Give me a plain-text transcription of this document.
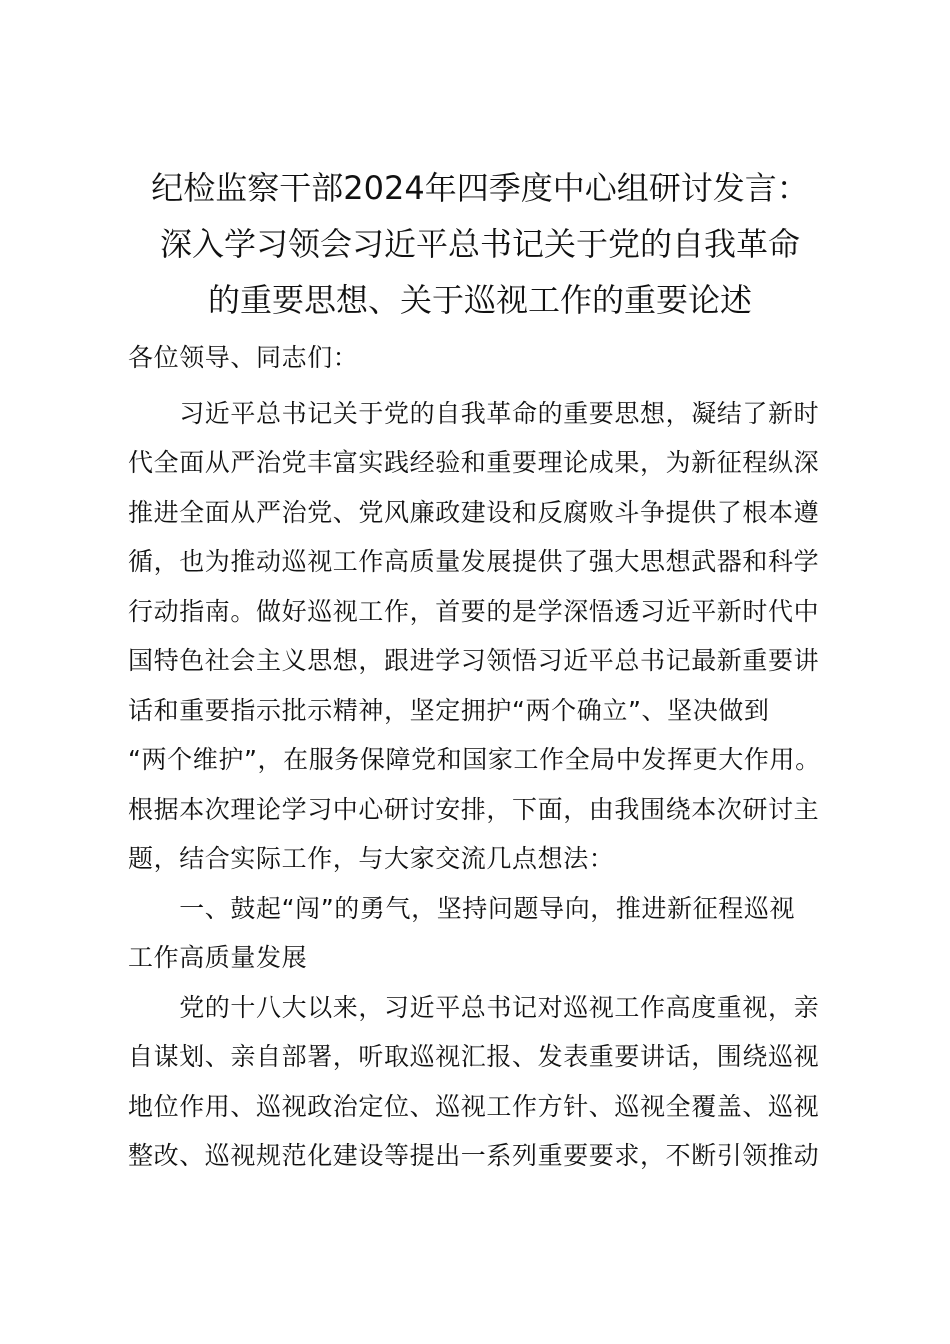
纪检监察干部2024年四季度中心组研讨发言：
深入学习领会习近平总书记关于党的自我革命
的重要思想、关于巡视工作的重要论述
各位领导、同志们：
　　习近平总书记关于党的自我革命的重要思想，凝结了新时
代全面从严治党丰富实践经验和重要理论成果，为新征程纵深
推进全面从严治党、党风廉政建设和反腐败斗争提供了根本遵
循，也为推动巡视工作高质量发展提供了强大思想武器和科学
行动指南。做好巡视工作，首要的是学深悟透习近平新时代中
国特色社会主义思想，跟进学习领悟习近平总书记最新重要讲
话和重要指示批示精神，坚定拥护“两个确立”、坚决做到
“两个维护”，在服务保障党和国家工作全局中发挥更大作用。
根据本次理论学习中心研讨安排，下面，由我围绕本次研讨主
题，结合实际工作，与大家交流几点想法：
　　一、鼓起“闯”的勇气，坚持问题导向，推进新征程巡视
工作高质量发展
　　党的十八大以来，习近平总书记对巡视工作高度重视，亲
自谋划、亲自部署，听取巡视汇报、发表重要讲话，围绕巡视
地位作用、巡视政治定位、巡视工作方针、巡视全覆盖、巡视
整改、巡视规范化建设等提出一系列重要要求，不断引领推动
